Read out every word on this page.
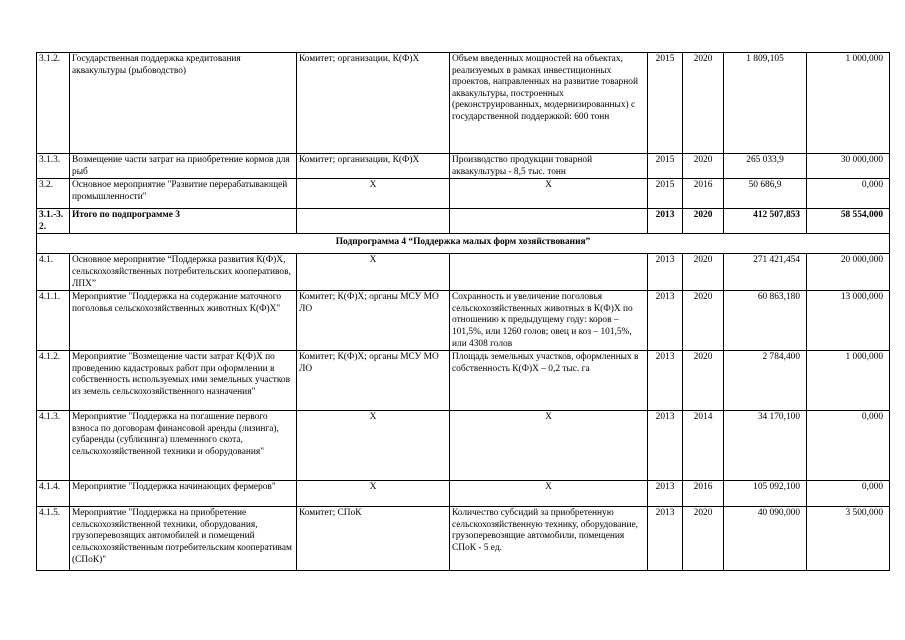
3.1.2.	Государственная поддержка кредитования аквакультуры (рыбоводство)	Комитет; организации, К(Ф)Х	Объем введенных мощностей на объектах, реализуемых в рамках инвестиционных проектов, направленных на развитие товарной аквакультуры, построенных (реконструированных, модернизированных) с государственной поддержкой: 600 тонн	2015	2020	1 809,105	1 000,000
3.1.3.	Возмещение части затрат на приобретение кормов для рыб	Комитет; организации, К(Ф)Х	Производство продукции товарной аквакультуры - 8,5 тыс. тонн	2015	2020	265 033,9	30 000,000
3.2.	Основное мероприятие "Развитие перерабатывающей промышленности"	X	X	2015	2016	50 686,9	0,000
3.1.-3.2.	Итого по подпрограмме 3			2013	2020	412 507,853	58 554,000
Подпрограмма 4 “Поддержка малых форм хозяйствования”							
4.1.	Основное мероприятие “Поддержка развития К(Ф)Х, сельскохозяйственных потребительских кооперативов, ЛПХ”	X		2013	2020	271 421,454	20 000,000
4.1.1.	Мероприятие "Поддержка на содержание маточного поголовья сельскохозяйственных животных К(Ф)Х"	Комитет; К(Ф)Х; органы МСУ МО ЛО	Сохранность и увеличение поголовья сельскохозяйственных животных в К(Ф)Х по отношению к предыдущему году: коров – 101,5%, или 1260 голов; овец и коз – 101,5%, или 4308 голов	2013	2020	60 863,180	13 000,000
4.1.2.	Мероприятие "Возмещение части затрат К(Ф)Х по проведению кадастровых работ при оформлении в собственность используемых ими земельных участков из земель сельскохозяйственного назначения"	Комитет; К(Ф)Х; органы МСУ МО ЛО	Площадь земельных участков, оформленных в собственность К(Ф)Х – 0,2 тыс. га	2013	2020	2 784,400	1 000,000
4.1.3.	Мероприятие "Поддержка на погашение первого взноса по договорам финансовой аренды (лизинга), субаренды (сублизинга) племенного скота, сельскохозяйственной техники и оборудования"	X	X	2013	2014	34 170,100	0,000
4.1.4.	Мероприятие "Поддержка начинающих фермеров"	X	X	2013	2016	105 092,100	0,000
4.1.5.	Мероприятие "Поддержка на приобретение сельскохозяйственной техники, оборудования, грузоперевозящих автомобилей и помещений сельскохозяйственным потребительским кооперативам (СПоК)"	Комитет; СПоК	Количество субсидий за приобретенную сельскохозяйственную технику, оборудование, грузоперевозящие автомобили, помещения СПоК - 5 ед.	2013	2020	40 090,000	3 500,000
